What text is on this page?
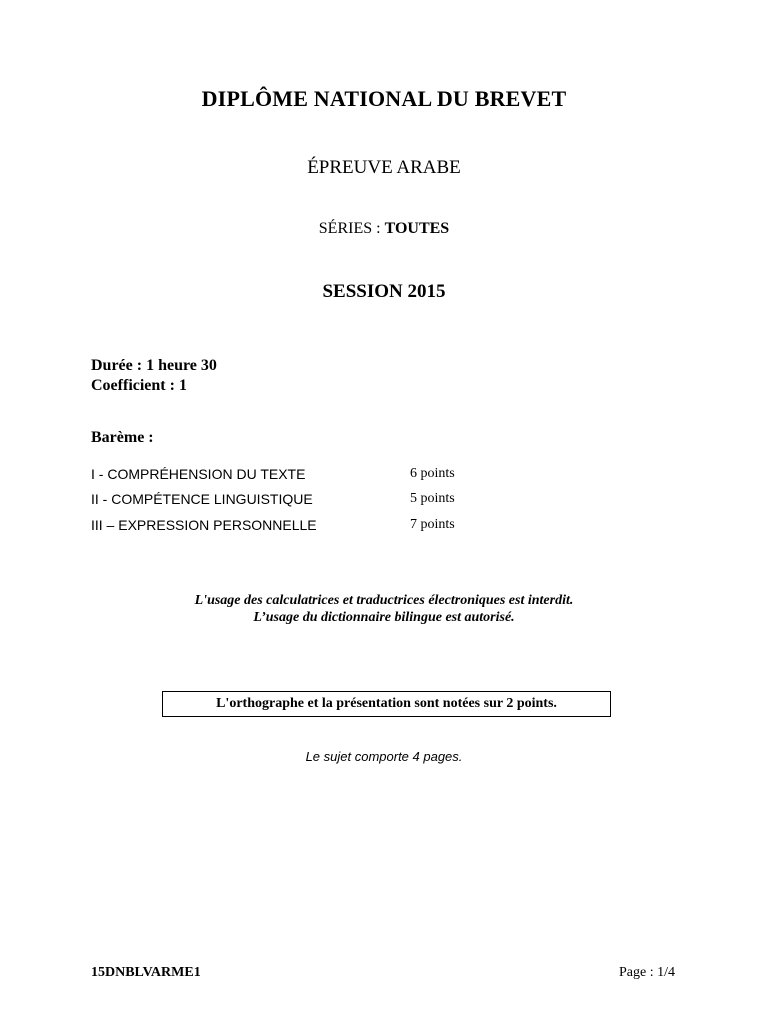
DIPLÔME NATIONAL DU BREVET
ÉPREUVE ARABE
SÉRIES : TOUTES
SESSION 2015
Durée : 1 heure 30
Coefficient : 1
Barème :
I - COMPRÉHENSION DU TEXTE	6 points
II - COMPÉTENCE LINGUISTIQUE	5 points
III – EXPRESSION PERSONNELLE	7 points
L'usage des calculatrices et traductrices électroniques est interdit.
L’usage du dictionnaire bilingue est autorisé.
L'orthographe et la présentation sont notées sur 2 points.
Le sujet comporte 4 pages.
15DNBLVARME1	Page : 1/4
